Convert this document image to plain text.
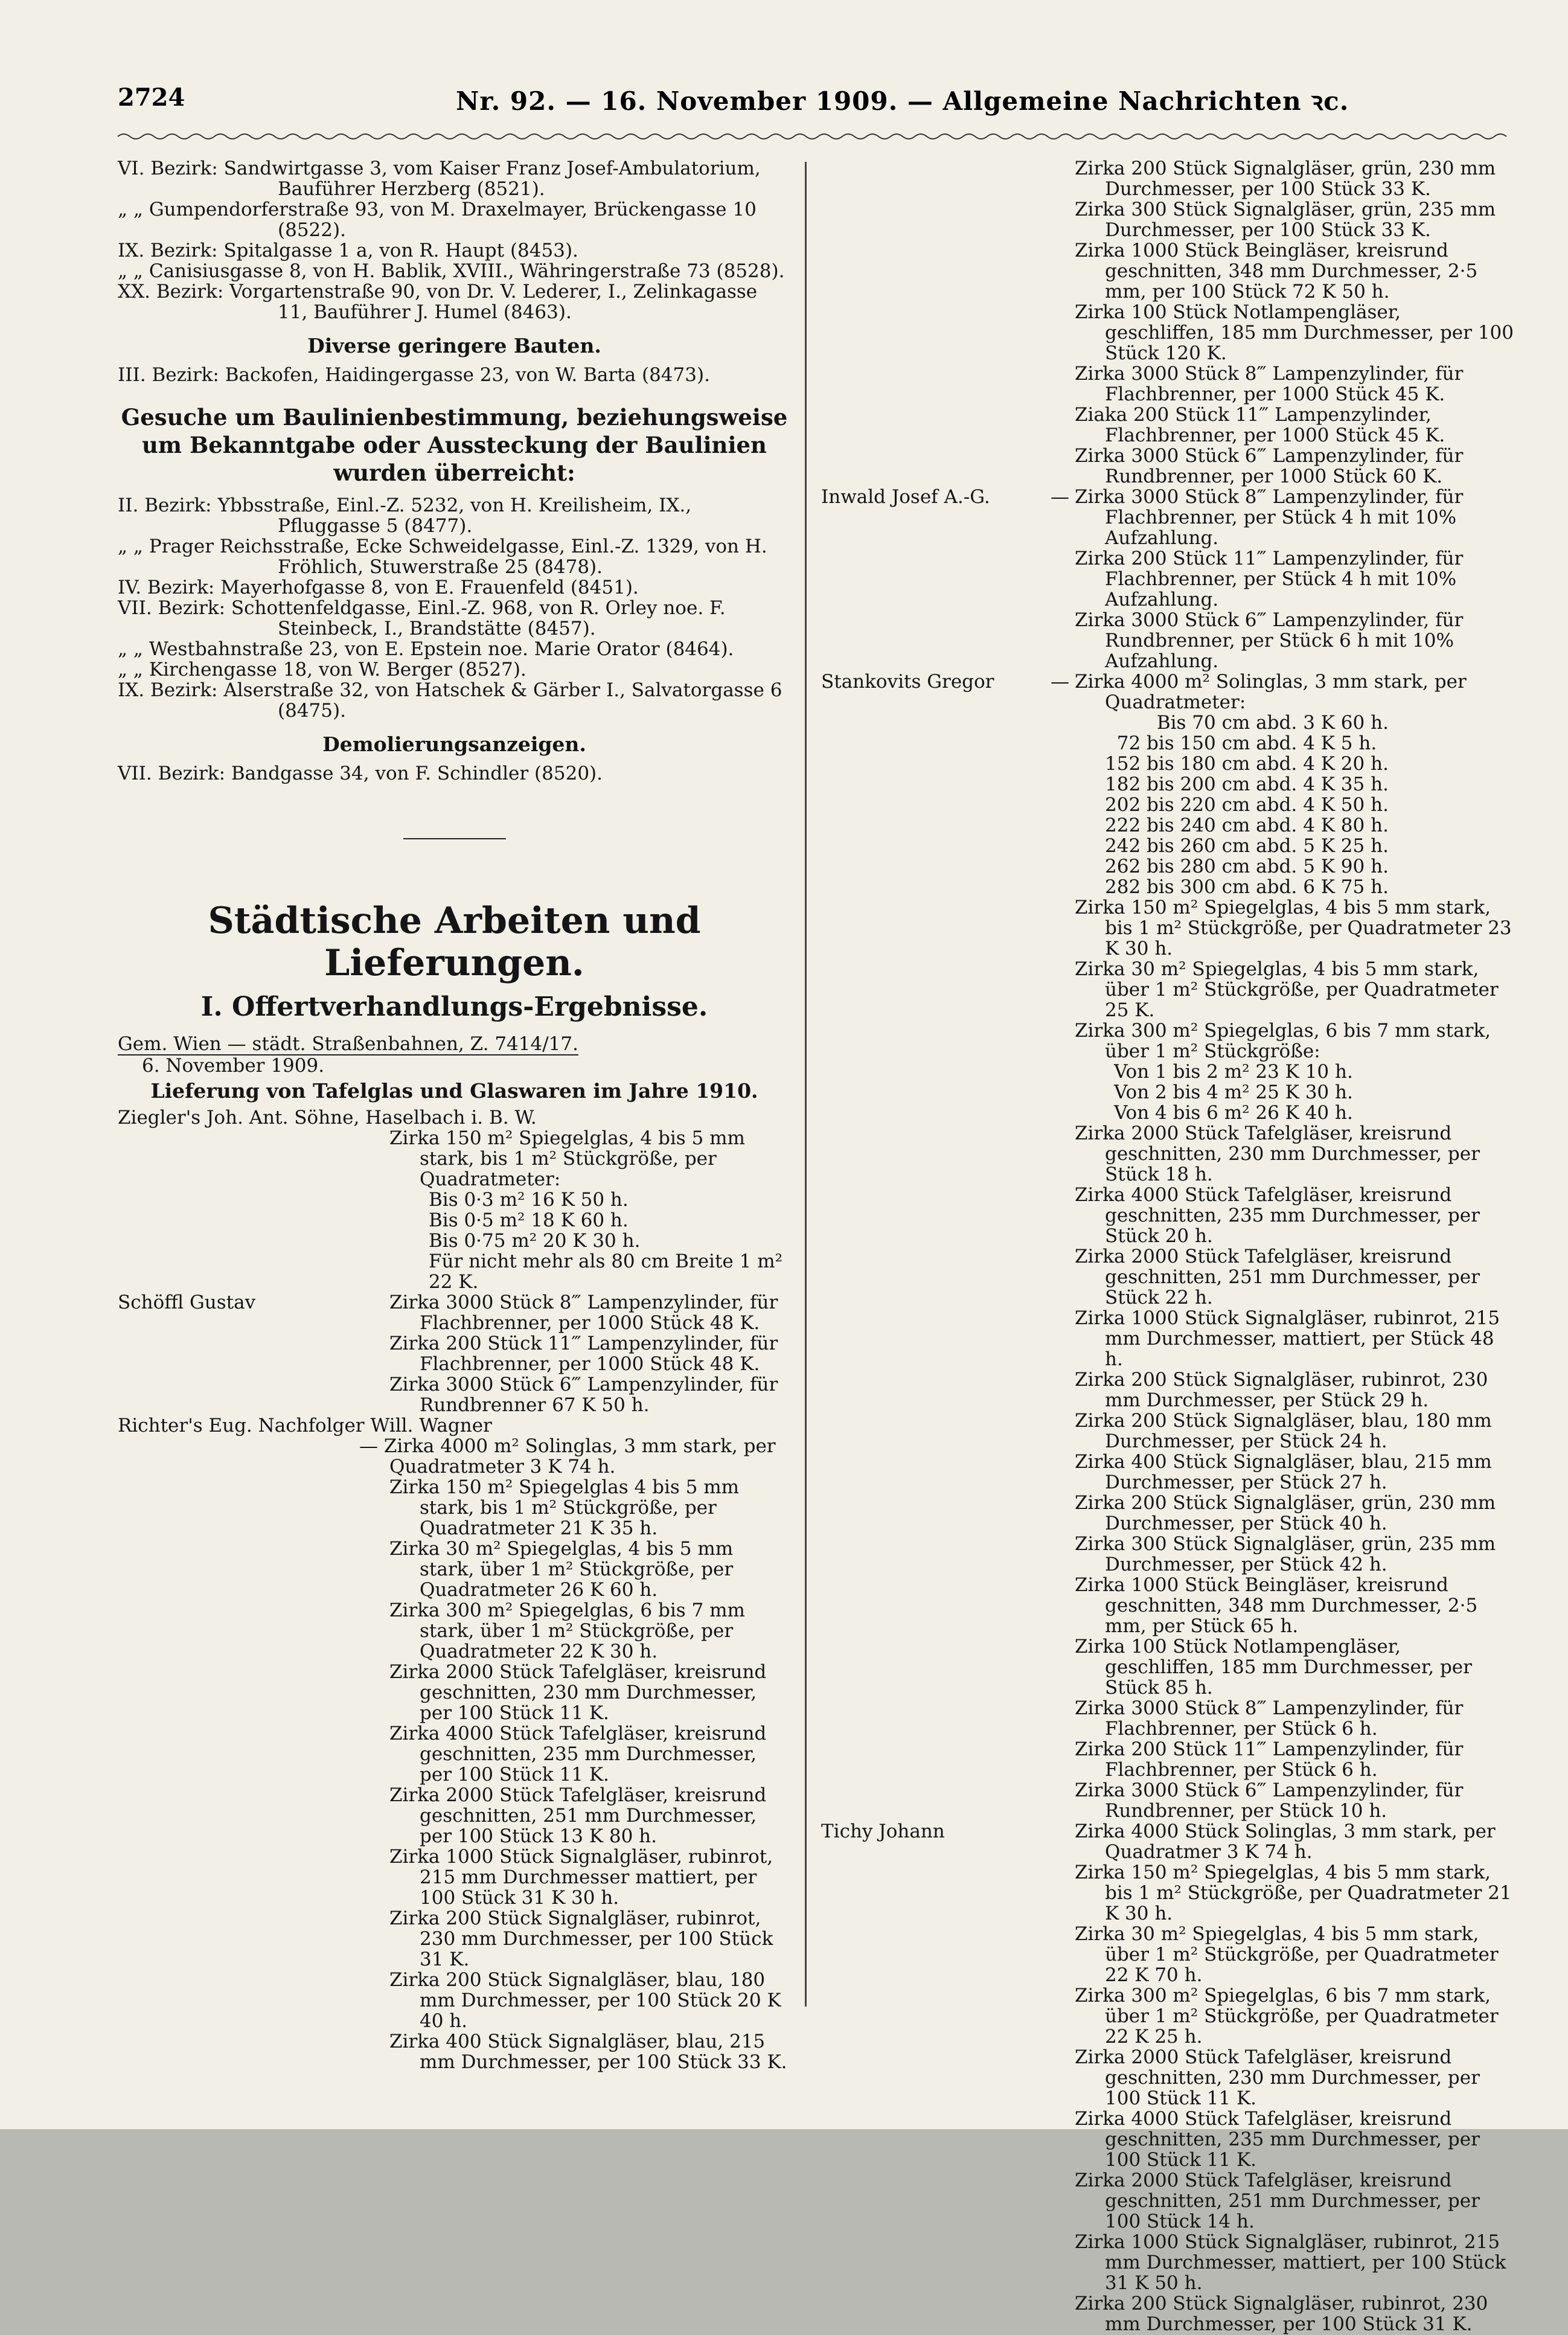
2724	Nr. 92. — 16. November 1909. — Allgemeine Nachrichten ꝛc.
VI. Bezirk: Sandwirtgasse 3, vom Kaiser Franz Josef-Ambulatorium, Bauführer Herzberg (8521).
„ „ Gumpendorferstraße 93, von M. Draxelmayer, Brückengasse 10 (8522).
IX. Bezirk: Spitalgasse 1 a, von R. Haupt (8453).
„ „ Canisiusgasse 8, von H. Bablik, XVIII., Währingerstraße 73 (8528).
XX. Bezirk: Vorgartenstraße 90, von Dr. V. Lederer, I., Zelinkagasse 11, Bauführer J. Humel (8463).
Diverse geringere Bauten.
III. Bezirk: Backofen, Haidingergasse 23, von W. Barta (8473).
Gesuche um Baulinienbestimmung, beziehungsweise um Bekanntgabe oder Aussteckung der Baulinien wurden überreicht:
II. Bezirk: Ybbsstraße, Einl.-Z. 5232, von H. Kreilisheim, IX., Pfluggasse 5 (8477).
„ „ Prager Reichsstraße, Ecke Schweidelgasse, Einl.-Z. 1329, von H. Fröhlich, Stuwerstraße 25 (8478).
IV. Bezirk: Mayerhofgasse 8, von E. Frauenfeld (8451).
VII. Bezirk: Schottenfeldgasse, Einl.-Z. 968, von R. Orley noe. F. Steinbeck, I., Brandstätte (8457).
„ „ Westbahnstraße 23, von E. Epstein noe. Marie Orator (8464).
„ „ Kirchengasse 18, von W. Berger (8527).
IX. Bezirk: Alserstraße 32, von Hatschek & Gärber I., Salvatorgasse 6 (8475).
Demolierungsanzeigen.
VII. Bezirk: Bandgasse 34, von F. Schindler (8520).
Städtische Arbeiten und Lieferungen.
I. Offertverhandlungs-Ergebnisse.
Gem. Wien — städt. Straßenbahnen, Z. 7414/17.
6. November 1909.
Lieferung von Tafelglas und Glaswaren im Jahre 1910.
Ziegler's Joh. Ant. Söhne, Haselbach i. B. W.
Zirka 150 m² Spiegelglas, 4 bis 5 mm stark, bis 1 m² Stückgröße, per Quadratmeter:
Bis 0·3 m² 16 K 50 h.
Bis 0·5 m² 18 K 60 h.
Bis 0·75 m² 20 K 30 h.
Für nicht mehr als 80 cm Breite 1 m² 22 K.
Schöffl Gustav	Zirka 3000 Stück 8‴ Lampenzylinder, für Flachbrenner, per 1000 Stück 48 K.
Zirka 200 Stück 11‴ Lampenzylinder, für Flachbrenner, per 1000 Stück 48 K.
Zirka 3000 Stück 6‴ Lampenzylinder, für Rundbrenner 67 K 50 h.
Richter's Eug. Nachfolger Will. Wagner
— Zirka 4000 m² Solinglas, 3 mm stark, per Quadratmeter 3 K 74 h.
Zirka 150 m² Spiegelglas 4 bis 5 mm stark, bis 1 m² Stückgröße, per Quadratmeter 21 K 35 h.
Zirka 30 m² Spiegelglas, 4 bis 5 mm stark, über 1 m² Stückgröße, per Quadratmeter 26 K 60 h.
Zirka 300 m² Spiegelglas, 6 bis 7 mm stark, über 1 m² Stückgröße, per Quadratmeter 22 K 30 h.
Zirka 2000 Stück Tafelgläser, kreisrund geschnitten, 230 mm Durchmesser, per 100 Stück 11 K.
Zirka 4000 Stück Tafelgläser, kreisrund geschnitten, 235 mm Durchmesser, per 100 Stück 11 K.
Zirka 2000 Stück Tafelgläser, kreisrund geschnitten, 251 mm Durchmesser, per 100 Stück 13 K 80 h.
Zirka 1000 Stück Signalgläser, rubinrot, 215 mm Durchmesser mattiert, per 100 Stück 31 K 30 h.
Zirka 200 Stück Signalgläser, rubinrot, 230 mm Durchmesser, per 100 Stück 31 K.
Zirka 200 Stück Signalgläser, blau, 180 mm Durchmesser, per 100 Stück 20 K 40 h.
Zirka 400 Stück Signalgläser, blau, 215 mm Durchmesser, per 100 Stück 33 K.
Zirka 200 Stück Signalgläser, grün, 230 mm Durchmesser, per 100 Stück 33 K.
Zirka 300 Stück Signalgläser, grün, 235 mm Durchmesser, per 100 Stück 33 K.
Zirka 1000 Stück Beingläser, kreisrund geschnitten, 348 mm Durchmesser, 2·5 mm, per 100 Stück 72 K 50 h.
Zirka 100 Stück Notlampengläser, geschliffen, 185 mm Durchmesser, per 100 Stück 120 K.
Zirka 3000 Stück 8‴ Lampenzylinder, für Flachbrenner, per 1000 Stück 45 K.
Ziaka 200 Stück 11‴ Lampenzylinder, Flachbrenner, per 1000 Stück 45 K.
Zirka 3000 Stück 6‴ Lampenzylinder, für Rundbrenner, per 1000 Stück 60 K.
Inwald Josef A.-G.	— Zirka 3000 Stück 8‴ Lampenzylinder, für Flachbrenner, per Stück 4 h mit 10% Aufzahlung.
Zirka 200 Stück 11‴ Lampenzylinder, für Flachbrenner, per Stück 4 h mit 10% Aufzahlung.
Zirka 3000 Stück 6‴ Lampenzylinder, für Rundbrenner, per Stück 6 h mit 10% Aufzahlung.
Stankovits Gregor	— Zirka 4000 m² Solinglas, 3 mm stark, per Quadratmeter:
Bis 70 cm abd.	3 K 60 h.
72 bis 150 cm abd.	4 K 5 h.
152 bis 180 cm abd.	4 K 20 h.
182 bis 200 cm abd.	4 K 35 h.
202 bis 220 cm abd.	4 K 50 h.
222 bis 240 cm abd.	4 K 80 h.
242 bis 260 cm abd.	5 K 25 h.
262 bis 280 cm abd.	5 K 90 h.
282 bis 300 cm abd.	6 K 75 h.
Zirka 150 m² Spiegelglas, 4 bis 5 mm stark, bis 1 m² Stückgröße, per Quadratmeter 23 K 30 h.
Zirka 30 m² Spiegelglas, 4 bis 5 mm stark, über 1 m² Stückgröße, per Quadratmeter 25 K.
Zirka 300 m² Spiegelglas, 6 bis 7 mm stark, über 1 m² Stückgröße:
Von 1 bis 2 m² 23 K 10 h.
Von 2 bis 4 m² 25 K 30 h.
Von 4 bis 6 m² 26 K 40 h.
Zirka 2000 Stück Tafelgläser, kreisrund geschnitten, 230 mm Durchmesser, per Stück 18 h.
Zirka 4000 Stück Tafelgläser, kreisrund geschnitten, 235 mm Durchmesser, per Stück 20 h.
Zirka 2000 Stück Tafelgläser, kreisrund geschnitten, 251 mm Durchmesser, per Stück 22 h.
Zirka 1000 Stück Signalgläser, rubinrot, 215 mm Durchmesser, mattiert, per Stück 48 h.
Zirka 200 Stück Signalgläser, rubinrot, 230 mm Durchmesser, per Stück 29 h.
Zirka 200 Stück Signalgläser, blau, 180 mm Durchmesser, per Stück 24 h.
Zirka 400 Stück Signalgläser, blau, 215 mm Durchmesser, per Stück 27 h.
Zirka 200 Stück Signalgläser, grün, 230 mm Durchmesser, per Stück 40 h.
Zirka 300 Stück Signalgläser, grün, 235 mm Durchmesser, per Stück 42 h.
Zirka 1000 Stück Beingläser, kreisrund geschnitten, 348 mm Durchmesser, 2·5 mm, per Stück 65 h.
Zirka 100 Stück Notlampengläser, geschliffen, 185 mm Durchmesser, per Stück 85 h.
Zirka 3000 Stück 8‴ Lampenzylinder, für Flachbrenner, per Stück 6 h.
Zirka 200 Stück 11‴ Lampenzylinder, für Flachbrenner, per Stück 6 h.
Zirka 3000 Stück 6‴ Lampenzylinder, für Rundbrenner, per Stück 10 h.
Tichy Johann	Zirka 4000 Stück Solinglas, 3 mm stark, per Quadratmer 3 K 74 h.
Zirka 150 m² Spiegelglas, 4 bis 5 mm stark, bis 1 m² Stückgröße, per Quadratmeter 21 K 30 h.
Zirka 30 m² Spiegelglas, 4 bis 5 mm stark, über 1 m² Stückgröße, per Quadratmeter 22 K 70 h.
Zirka 300 m² Spiegelglas, 6 bis 7 mm stark, über 1 m² Stückgröße, per Quadratmeter 22 K 25 h.
Zirka 2000 Stück Tafelgläser, kreisrund geschnitten, 230 mm Durchmesser, per 100 Stück 11 K.
Zirka 4000 Stück Tafelgläser, kreisrund geschnitten, 235 mm Durchmesser, per 100 Stück 11 K.
Zirka 2000 Stück Tafelgläser, kreisrund geschnitten, 251 mm Durchmesser, per 100 Stück 14 h.
Zirka 1000 Stück Signalgläser, rubinrot, 215 mm Durchmesser, mattiert, per 100 Stück 31 K 50 h.
Zirka 200 Stück Signalgläser, rubinrot, 230 mm Durchmesser, per 100 Stück 31 K.
